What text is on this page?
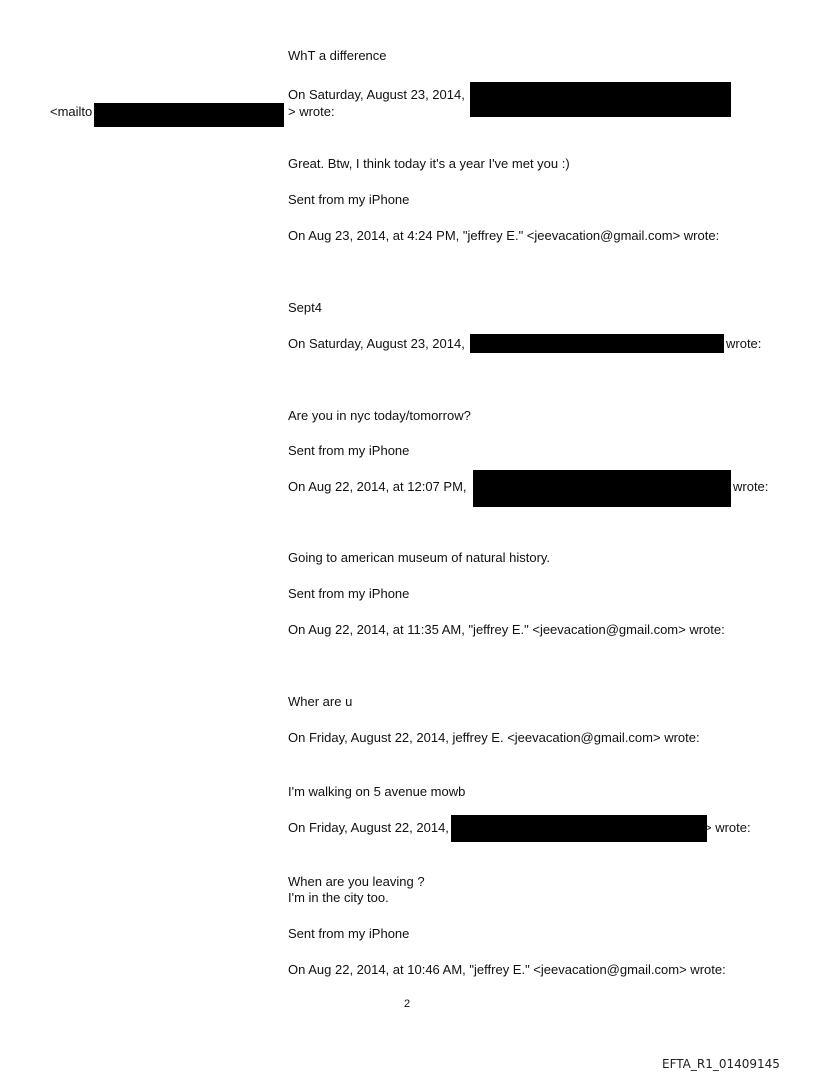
WhT a difference
On Saturday, August 23, 2014,
<mailto	> wrote:
Great. Btw, I think today it's a year I've met you :)
Sent from my iPhone
On Aug 23, 2014, at 4:24 PM, "jeffrey E." <jeevacation@gmail.com> wrote:
Sept4
On Saturday, August 23, 2014,	wrote:
Are you in nyc today/tomorrow?
Sent from my iPhone
On Aug 22, 2014, at 12:07 PM,	wrote:
Going to american museum of natural history.
Sent from my iPhone
On Aug 22, 2014, at 11:35 AM, "jeffrey E." <jeevacation@gmail.com> wrote:
Wher are u
On Friday, August 22, 2014, jeffrey E. <jeevacation@gmail.com> wrote:
I'm walking on 5 avenue mowb
On Friday, August 22, 2014,	> wrote:
When are you leaving ?
I'm in the city too.
Sent from my iPhone
On Aug 22, 2014, at 10:46 AM, "jeffrey E." <jeevacation@gmail.com> wrote:
2
EFTA_R1_01409145
